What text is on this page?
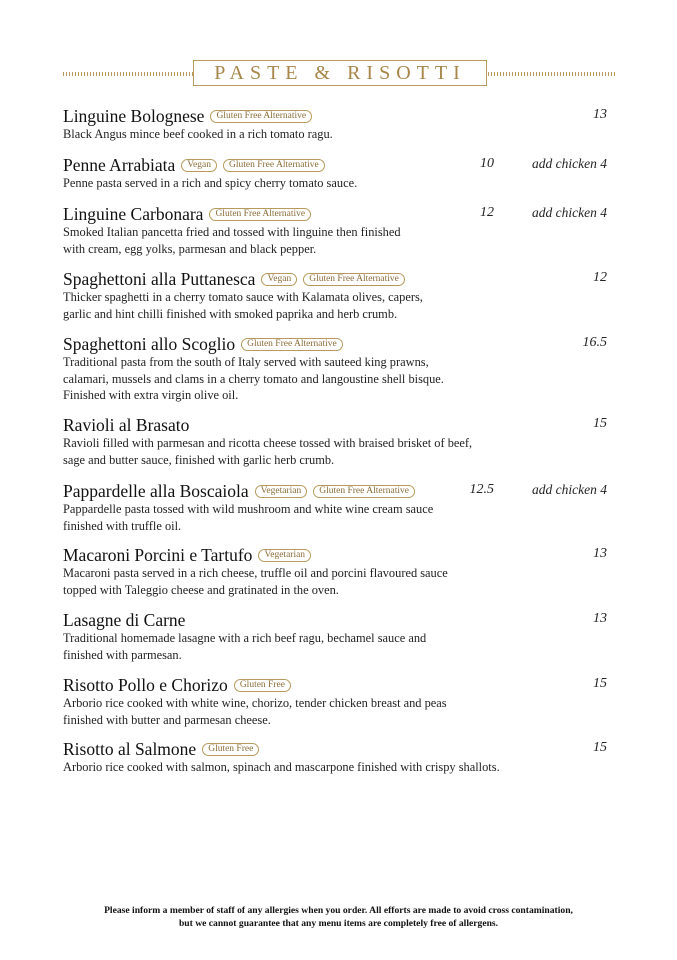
PASTE & RISOTTI
Linguine Bolognese	Gluten Free Alternative	13
Black Angus mince beef cooked in a rich tomato ragu.
Penne Arrabiata	Vegan	Gluten Free Alternative	10	add chicken 4
Penne pasta served in a rich and spicy cherry tomato sauce.
Linguine Carbonara	Gluten Free Alternative	12	add chicken 4
Smoked Italian pancetta fried and tossed with linguine then finished
with cream, egg yolks, parmesan and black pepper.
Spaghettoni alla Puttanesca	Vegan	Gluten Free Alternative	12
Thicker spaghetti in a cherry tomato sauce with Kalamata olives, capers,
garlic and hint chilli finished with smoked paprika and herb crumb.
Spaghettoni allo Scoglio	Gluten Free Alternative	16.5
Traditional pasta from the south of Italy served with sauteed king prawns,
calamari, mussels and clams in a cherry tomato and langoustine shell bisque.
Finished with extra virgin olive oil.
Ravioli al Brasato	15
Ravioli filled with parmesan and ricotta cheese tossed with braised brisket of beef,
sage and butter sauce, finished with garlic herb crumb.
Pappardelle alla Boscaiola	Vegetarian	Gluten Free Alternative	12.5	add chicken 4
Pappardelle pasta tossed with wild mushroom and white wine cream sauce
finished with truffle oil.
Macaroni Porcini e Tartufo	Vegetarian	13
Macaroni pasta served in a rich cheese, truffle oil and porcini flavoured sauce
topped with Taleggio cheese and gratinated in the oven.
Lasagne di Carne	13
Traditional homemade lasagne with a rich beef ragu, bechamel sauce and
finished with parmesan.
Risotto Pollo e Chorizo	Gluten Free	15
Arborio rice cooked with white wine, chorizo, tender chicken breast and peas
finished with butter and parmesan cheese.
Risotto al Salmone	Gluten Free	15
Arborio rice cooked with salmon, spinach and mascarpone finished with crispy shallots.
Please inform a member of staff of any allergies when you order. All efforts are made to avoid cross contamination,
but we cannot guarantee that any menu items are completely free of allergens.
